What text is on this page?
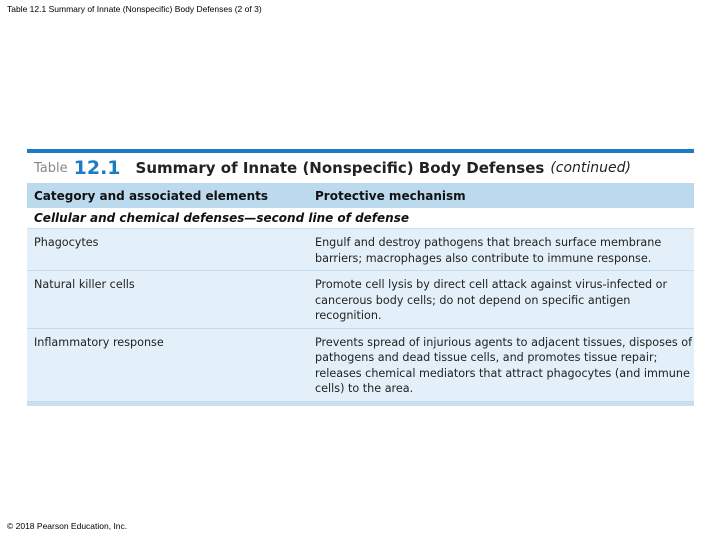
Table 12.1 Summary of Innate (Nonspecific) Body Defenses (2 of 3)
Table 12.1 Summary of Innate (Nonspecific) Body Defenses (continued)
Category and associated elements	Protective mechanism
Cellular and chemical defenses—second line of defense
Phagocytes	Engulf and destroy pathogens that breach surface membrane barriers; macrophages also contribute to immune response.
Natural killer cells	Promote cell lysis by direct cell attack against virus-infected or cancerous body cells; do not depend on specific antigen recognition.
Inflammatory response	Prevents spread of injurious agents to adjacent tissues, disposes of pathogens and dead tissue cells, and promotes tissue repair; releases chemical mediators that attract phagocytes (and immune cells) to the area.
© 2018 Pearson Education, Inc.
